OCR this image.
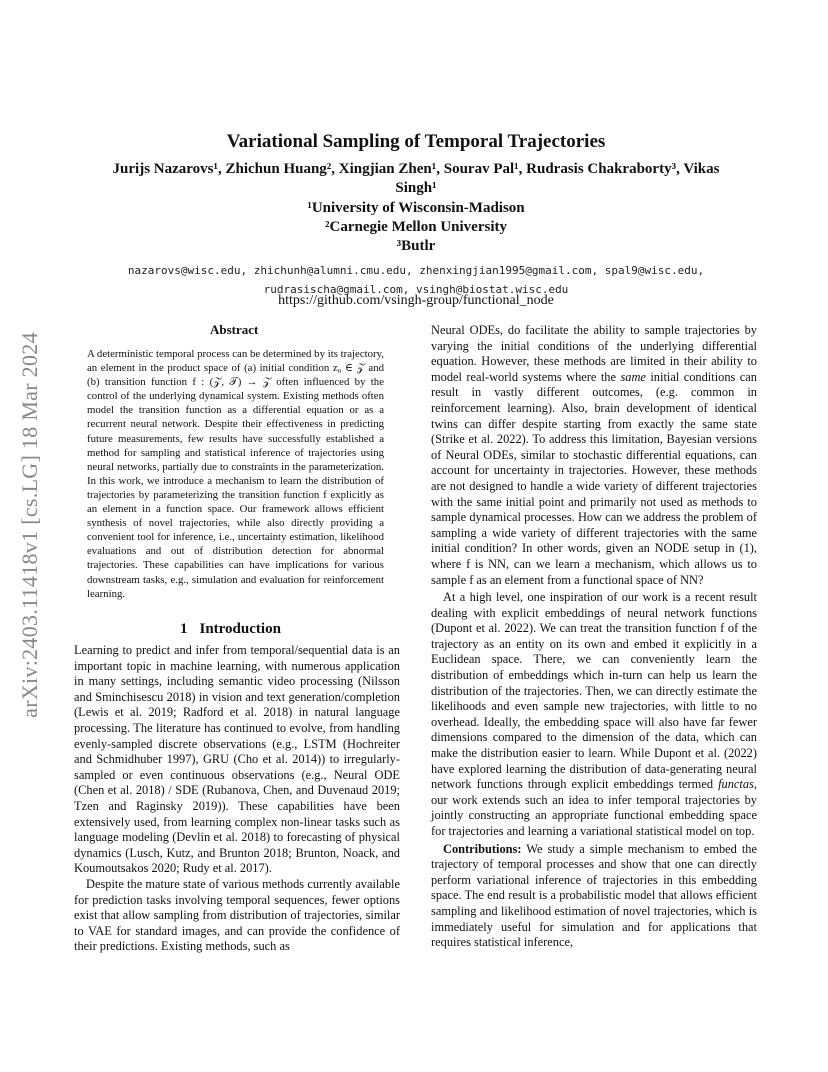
arXiv:2403.11418v1 [cs.LG] 18 Mar 2024
Variational Sampling of Temporal Trajectories
Jurijs Nazarovs¹, Zhichun Huang², Xingjian Zhen¹, Sourav Pal¹, Rudrasis Chakraborty³, Vikas
Singh¹
¹University of Wisconsin-Madison
²Carnegie Mellon University
³Butlr
nazarovs@wisc.edu, zhichunh@alumni.cmu.edu, zhenxingjian1995@gmail.com, spal9@wisc.edu,
rudrasischa@gmail.com, vsingh@biostat.wisc.edu
https://github.com/vsingh-group/functional_node
Abstract
A deterministic temporal process can be determined by its trajectory, an element in the product space of (a) initial condition z₀ ∈ 𝒵 and (b) transition function f : (𝒵, 𝒯) → 𝒵 often influenced by the control of the underlying dynamical system. Existing methods often model the transition function as a differential equation or as a recurrent neural network. Despite their effectiveness in predicting future measurements, few results have successfully established a method for sampling and statistical inference of trajectories using neural networks, partially due to constraints in the parameterization. In this work, we introduce a mechanism to learn the distribution of trajectories by parameterizing the transition function f explicitly as an element in a function space. Our framework allows efficient synthesis of novel trajectories, while also directly providing a convenient tool for inference, i.e., uncertainty estimation, likelihood evaluations and out of distribution detection for abnormal trajectories. These capabilities can have implications for various downstream tasks, e.g., simulation and evaluation for reinforcement learning.
1 Introduction

Learning to predict and infer from temporal/sequential data is an important topic in machine learning, with numerous application in many settings, including semantic video processing (Nilsson and Sminchisescu 2018) in vision and text generation/completion (Lewis et al. 2019; Radford et al. 2018) in natural language processing. The literature has continued to evolve, from handling evenly-sampled discrete observations (e.g., LSTM (Hochreiter and Schmidhuber 1997), GRU (Cho et al. 2014)) to irregularly-sampled or even continuous observations (e.g., Neural ODE (Chen et al. 2018) / SDE (Rubanova, Chen, and Duvenaud 2019; Tzen and Raginsky 2019)). These capabilities have been extensively used, from learning complex non-linear tasks such as language modeling (Devlin et al. 2018) to forecasting of physical dynamics (Lusch, Kutz, and Brunton 2018; Brunton, Noack, and Koumoutsakos 2020; Rudy et al. 2017).

Despite the mature state of various methods currently available for prediction tasks involving temporal sequences, fewer options exist that allow sampling from distribution of trajectories, similar to VAE for standard images, and can provide the confidence of their predictions. Existing methods, such as

Neural ODEs, do facilitate the ability to sample trajectories by varying the initial conditions of the underlying differential equation. However, these methods are limited in their ability to model real-world systems where the same initial conditions can result in vastly different outcomes, (e.g. common in reinforcement learning). Also, brain development of identical twins can differ despite starting from exactly the same state (Strike et al. 2022). To address this limitation, Bayesian versions of Neural ODEs, similar to stochastic differential equations, can account for uncertainty in trajectories. However, these methods are not designed to handle a wide variety of different trajectories with the same initial point and primarily not used as methods to sample dynamical processes. How can we address the problem of sampling a wide variety of different trajectories with the same initial condition? In other words, given an NODE setup in (1), where f is NN, can we learn a mechanism, which allows us to sample f as an element from a functional space of NN?

At a high level, one inspiration of our work is a recent result dealing with explicit embeddings of neural network functions (Dupont et al. 2022). We can treat the transition function f of the trajectory as an entity on its own and embed it explicitly in a Euclidean space. There, we can conveniently learn the distribution of embeddings which in-turn can help us learn the distribution of the trajectories. Then, we can directly estimate the likelihoods and even sample new trajectories, with little to no overhead. Ideally, the embedding space will also have far fewer dimensions compared to the dimension of the data, which can make the distribution easier to learn. While Dupont et al. (2022) have explored learning the distribution of data-generating neural network functions through explicit embeddings termed functas, our work extends such an idea to infer temporal trajectories by jointly constructing an appropriate functional embedding space for trajectories and learning a variational statistical model on top.

Contributions: We study a simple mechanism to embed the trajectory of temporal processes and show that one can directly perform variational inference of trajectories in this embedding space. The end result is a probabilistic model that allows efficient sampling and likelihood estimation of novel trajectories, which is immediately useful for simulation and for applications that requires statistical inference,
